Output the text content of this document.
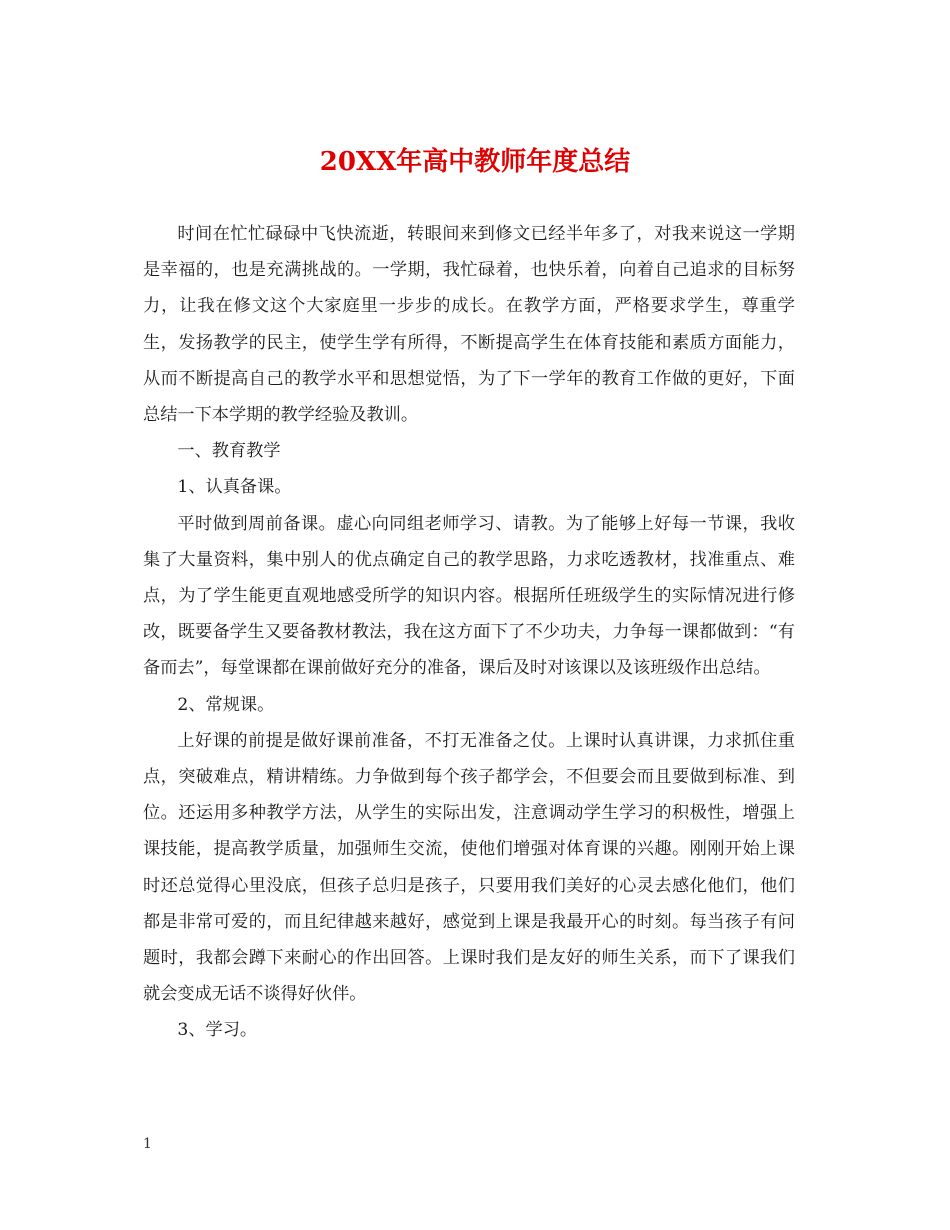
20XX年高中教师年度总结

时间在忙忙碌碌中飞快流逝，转眼间来到修文已经半年多了，对我来说这一学期是幸福的，也是充满挑战的。一学期，我忙碌着，也快乐着，向着自己追求的目标努力，让我在修文这个大家庭里一步步的成长。在教学方面，严格要求学生，尊重学生，发扬教学的民主，使学生学有所得，不断提高学生在体育技能和素质方面能力，从而不断提高自己的教学水平和思想觉悟，为了下一学年的教育工作做的更好，下面总结一下本学期的教学经验及教训。

一、教育教学

1、认真备课。

平时做到周前备课。虚心向同组老师学习、请教。为了能够上好每一节课，我收集了大量资料，集中别人的优点确定自己的教学思路，力求吃透教材，找准重点、难点，为了学生能更直观地感受所学的知识内容。根据所任班级学生的实际情况进行修改，既要备学生又要备教材教法，我在这方面下了不少功夫，力争每一课都做到：“有备而去”，每堂课都在课前做好充分的准备，课后及时对该课以及该班级作出总结。

2、常规课。

上好课的前提是做好课前准备，不打无准备之仗。上课时认真讲课，力求抓住重点，突破难点，精讲精练。力争做到每个孩子都学会，不但要会而且要做到标准、到位。还运用多种教学方法，从学生的实际出发，注意调动学生学习的积极性，增强上课技能，提高教学质量，加强师生交流，使他们增强对体育课的兴趣。刚刚开始上课时还总觉得心里没底，但孩子总归是孩子，只要用我们美好的心灵去感化他们，他们都是非常可爱的，而且纪律越来越好，感觉到上课是我最开心的时刻。每当孩子有问题时，我都会蹲下来耐心的作出回答。上课时我们是友好的师生关系，而下了课我们就会变成无话不谈得好伙伴。

3、学习。

1
